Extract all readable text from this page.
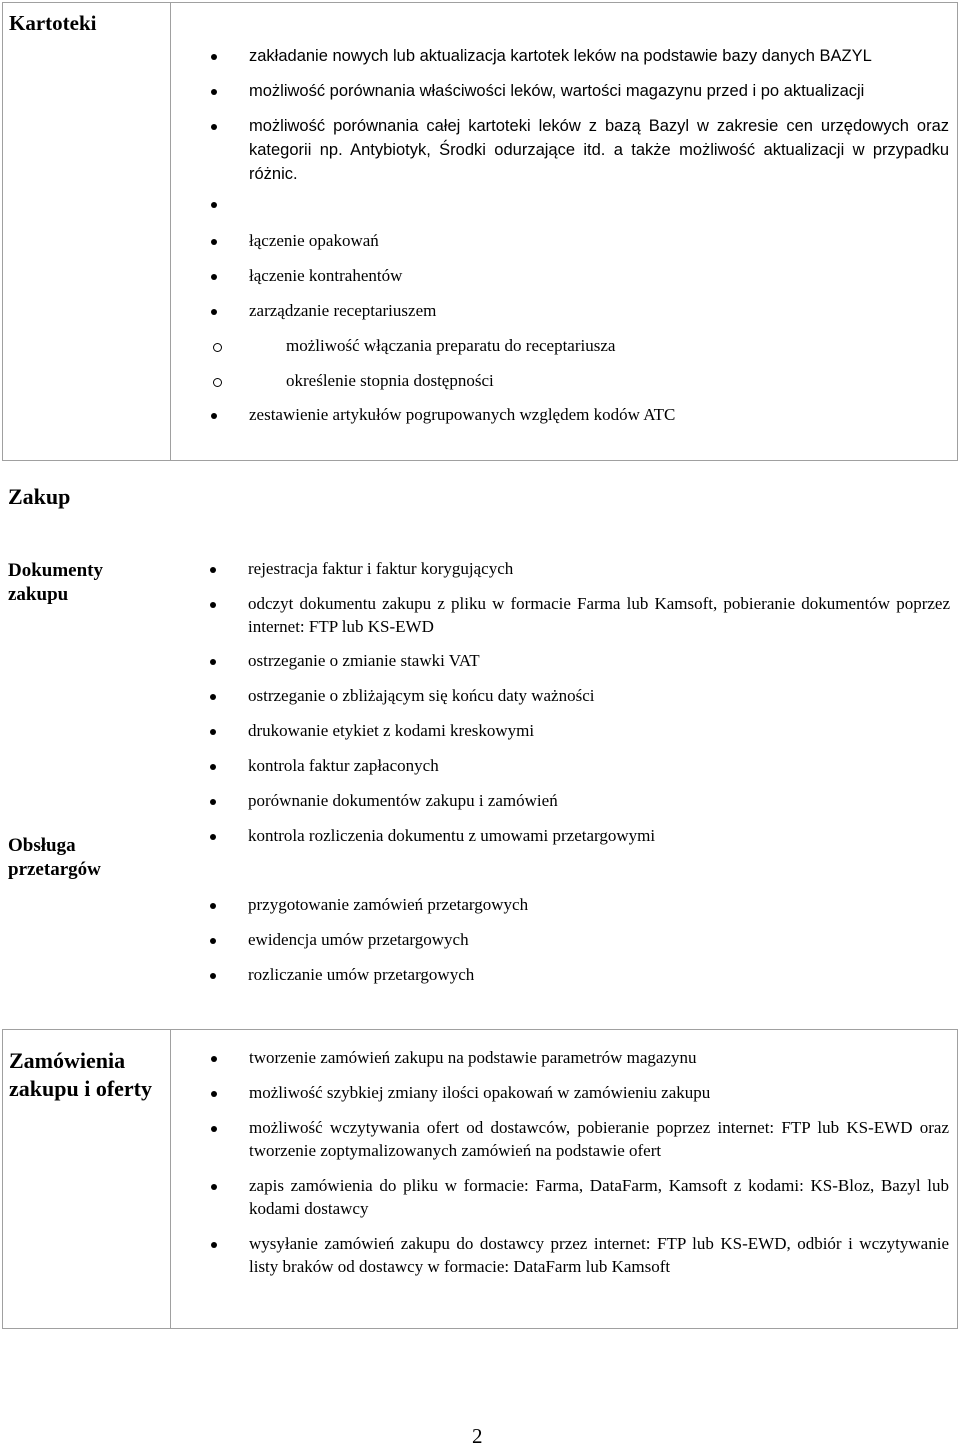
Kartoteki
zakładanie nowych lub aktualizacja kartotek leków na podstawie bazy danych BAZYL
możliwość porównania właściwości leków, wartości magazynu przed i po aktualizacji
możliwość porównania całej kartoteki leków z bazą Bazyl w zakresie cen urzędowych oraz kategorii np. Antybiotyk, Środki odurzające itd. a także możliwość aktualizacji w przypadku różnic.
łączenie opakowań
łączenie kontrahentów
zarządzanie receptariuszem
możliwość włączania preparatu do receptariusza
określenie stopnia dostępności
zestawienie artykułów pogrupowanych względem kodów ATC
Zakup
Dokumenty zakupu
rejestracja faktur i faktur korygujących
odczyt dokumentu zakupu z pliku w formacie Farma lub Kamsoft, pobieranie dokumentów poprzez internet: FTP lub KS-EWD
ostrzeganie o zmianie stawki VAT
ostrzeganie o zbliżającym się końcu daty ważności
drukowanie etykiet z kodami kreskowymi
kontrola faktur zapłaconych
porównanie dokumentów zakupu i zamówień
Obsługa przetargów
kontrola rozliczenia dokumentu z umowami przetargowymi
przygotowanie zamówień przetargowych
ewidencja umów przetargowych
rozliczanie umów przetargowych
Zamówienia zakupu i oferty
tworzenie zamówień zakupu na podstawie parametrów magazynu
możliwość szybkiej zmiany ilości opakowań w zamówieniu zakupu
możliwość wczytywania ofert od dostawców, pobieranie poprzez internet: FTP lub KS-EWD oraz tworzenie zoptymalizowanych zamówień na podstawie ofert
zapis zamówienia do pliku w formacie: Farma, DataFarm, Kamsoft z kodami: KS-Bloz, Bazyl lub kodami dostawcy
wysyłanie zamówień zakupu do dostawcy przez internet: FTP lub KS-EWD, odbiór i wczytywanie listy braków od dostawcy w formacie: DataFarm lub Kamsoft
2
